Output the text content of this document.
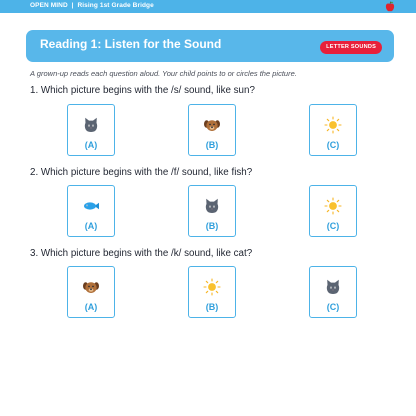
OPEN MIND | Rising 1st Grade Bridge
Reading 1: Listen for the Sound	LETTER SOUNDS
A grown-up reads each question aloud. Your child points to or circles the picture.
1. Which picture begins with the /s/ sound, like sun?
2. Which picture begins with the /f/ sound, like fish?
3. Which picture begins with the /k/ sound, like cat?
(A)	(B)	(C)
(A)	(B)	(C)
(A)	(B)	(C)
